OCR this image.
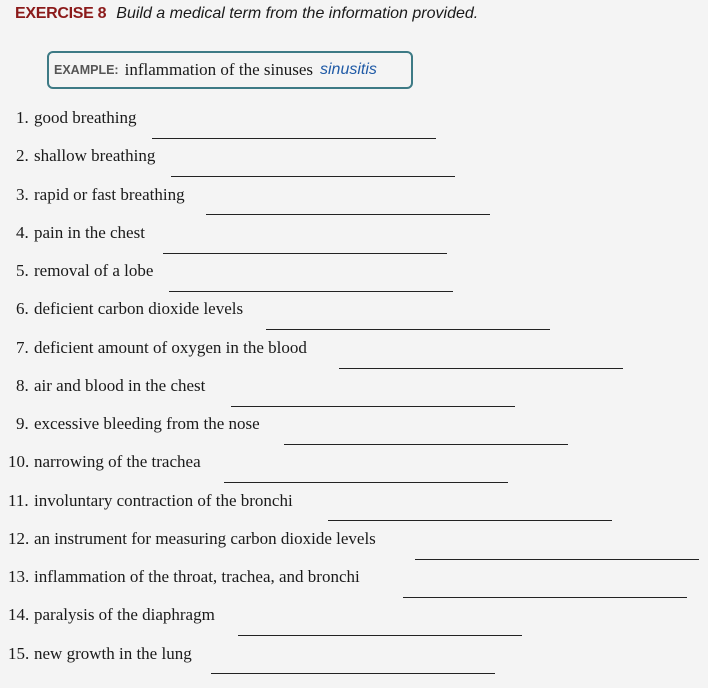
EXERCISE 8 Build a medical term from the information provided.
EXAMPLE: inflammation of the sinuses sinusitis
1. good breathing
2. shallow breathing
3. rapid or fast breathing
4. pain in the chest
5. removal of a lobe
6. deficient carbon dioxide levels
7. deficient amount of oxygen in the blood
8. air and blood in the chest
9. excessive bleeding from the nose
10. narrowing of the trachea
11. involuntary contraction of the bronchi
12. an instrument for measuring carbon dioxide levels
13. inflammation of the throat, trachea, and bronchi
14. paralysis of the diaphragm
15. new growth in the lung
